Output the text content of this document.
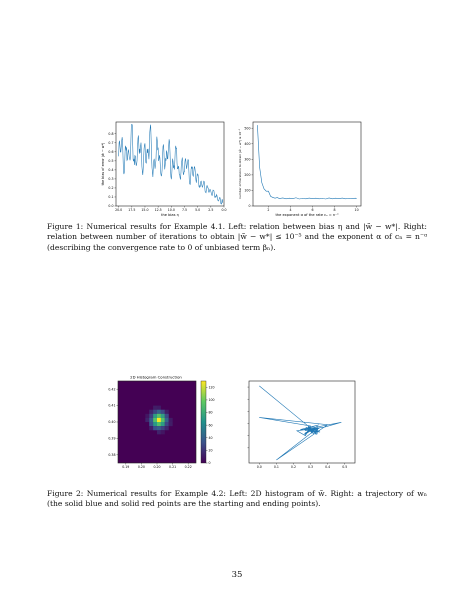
0.0
0.1
0.2
0.3
0.4
0.5
0.6
0.7
0.8
20.0 17.5 15.0 12.5 10.0 7.5	5.0	2.5	0.0
the bias η
the bias of error |ŵ − w*|
0
100
200
300
400
500
2	4	6	8	10
the exponent α of the rate cₙ = n⁻ᵅ
number of iterations to obtain |ŵ − w*| ≤ 10⁻⁵
Figure 1: Numerical results for Example 4.1. Left: relation between bias η and |w̃ − w*|. Right: relation between number of iterations to obtain |w̃ − w*| ≤ 10⁻⁵ and the exponent α of cₙ = n⁻ᵅ (describing the convergence rate to 0 of unbiased term βₙ).
2D Histogram Construction
0.38
0.39
0.40
0.41
0.42
0.19	0.20	0.20	0.21	0.22
0
20
40
60
80
100
120
0.0	0.1	0.2	0.3	0.4	0.5
Figure 2: Numerical results for Example 4.2: Left: 2D histogram of w̃. Right: a trajectory of wₙ (the solid blue and solid red points are the starting and ending points).
35
